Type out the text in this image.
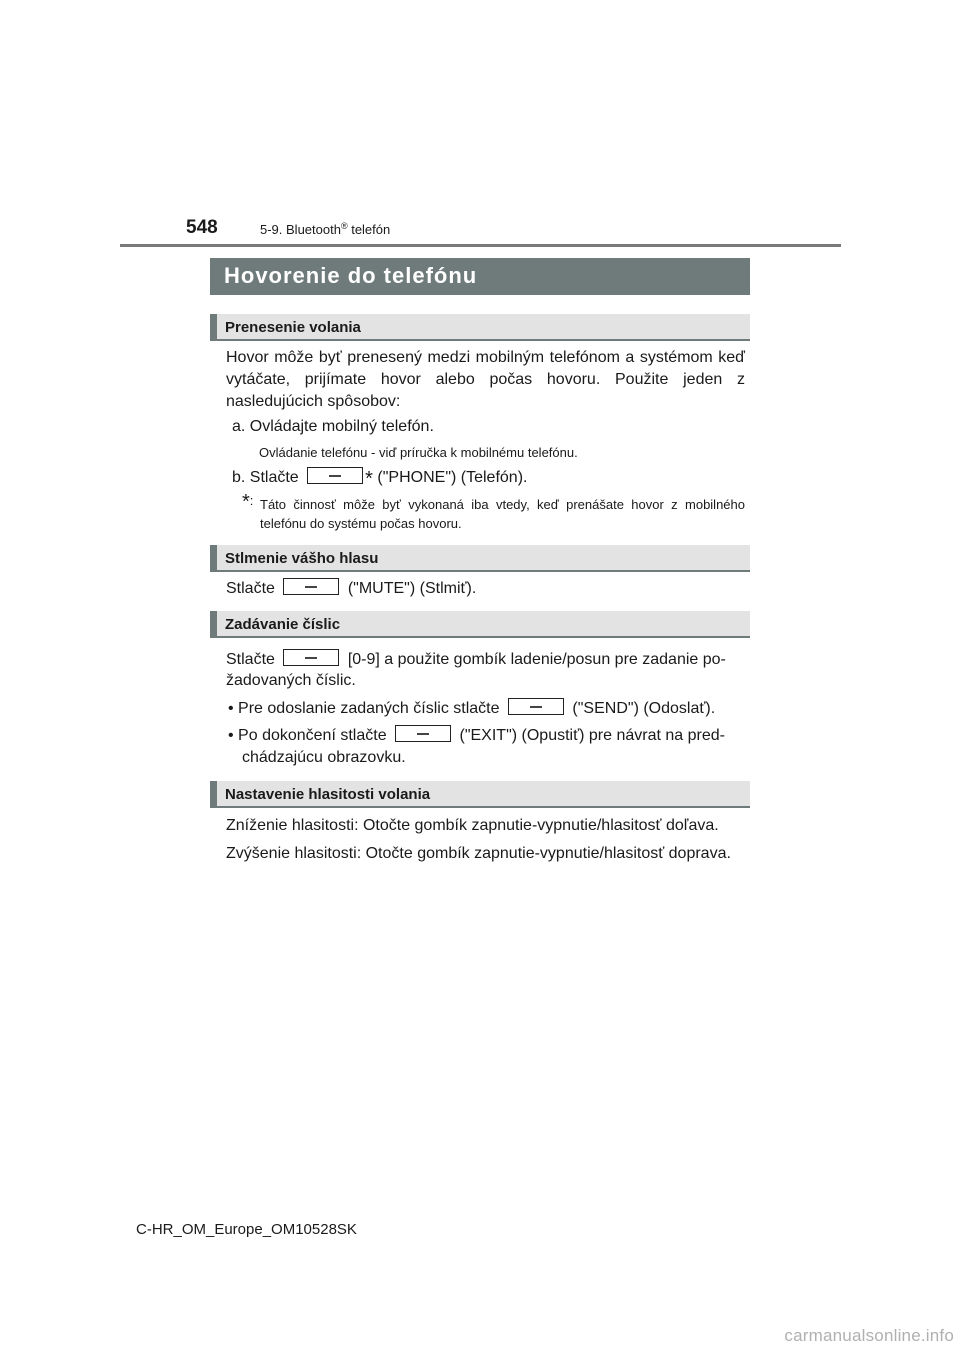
548	5-9. Bluetooth® telefón
Hovorenie do telefónu
Prenesenie volania

Hovor môže byť prenesený medzi mobilným telefónom a systémom keď vytáčate, prijímate hovor alebo počas hovoru. Použite jeden z nasledujúcich spôsobov:

a. Ovládajte mobilný telefón.
Ovládanie telefónu - viď príručka k mobilnému telefónu.
b. Stlačte	* ("PHONE") (Telefón).
*: Táto činnosť môže byť vykonaná iba vtedy, keď prenášate hovor z mobilného telefónu do systému počas hovoru.

Stlmenie vášho hlasu
Stlačte	("MUTE") (Stlmiť).
Zadávanie číslic
Stlačte	[0-9] a použite gombík ladenie/posun pre zadanie po-
žadovaných číslic.
• Pre odoslanie zadaných číslic stlačte	("SEND") (Odoslať).
• Po dokončení stlačte	("EXIT") (Opustiť) pre návrat na pred-
chádzajúcu obrazovku.
Nastavenie hlasitosti volania
Zníženie hlasitosti: Otočte gombík zapnutie-vypnutie/hlasitosť doľava.
Zvýšenie hlasitosti: Otočte gombík zapnutie-vypnutie/hlasitosť doprava.
C-HR_OM_Europe_OM10528SK
carmanualsonline.info
